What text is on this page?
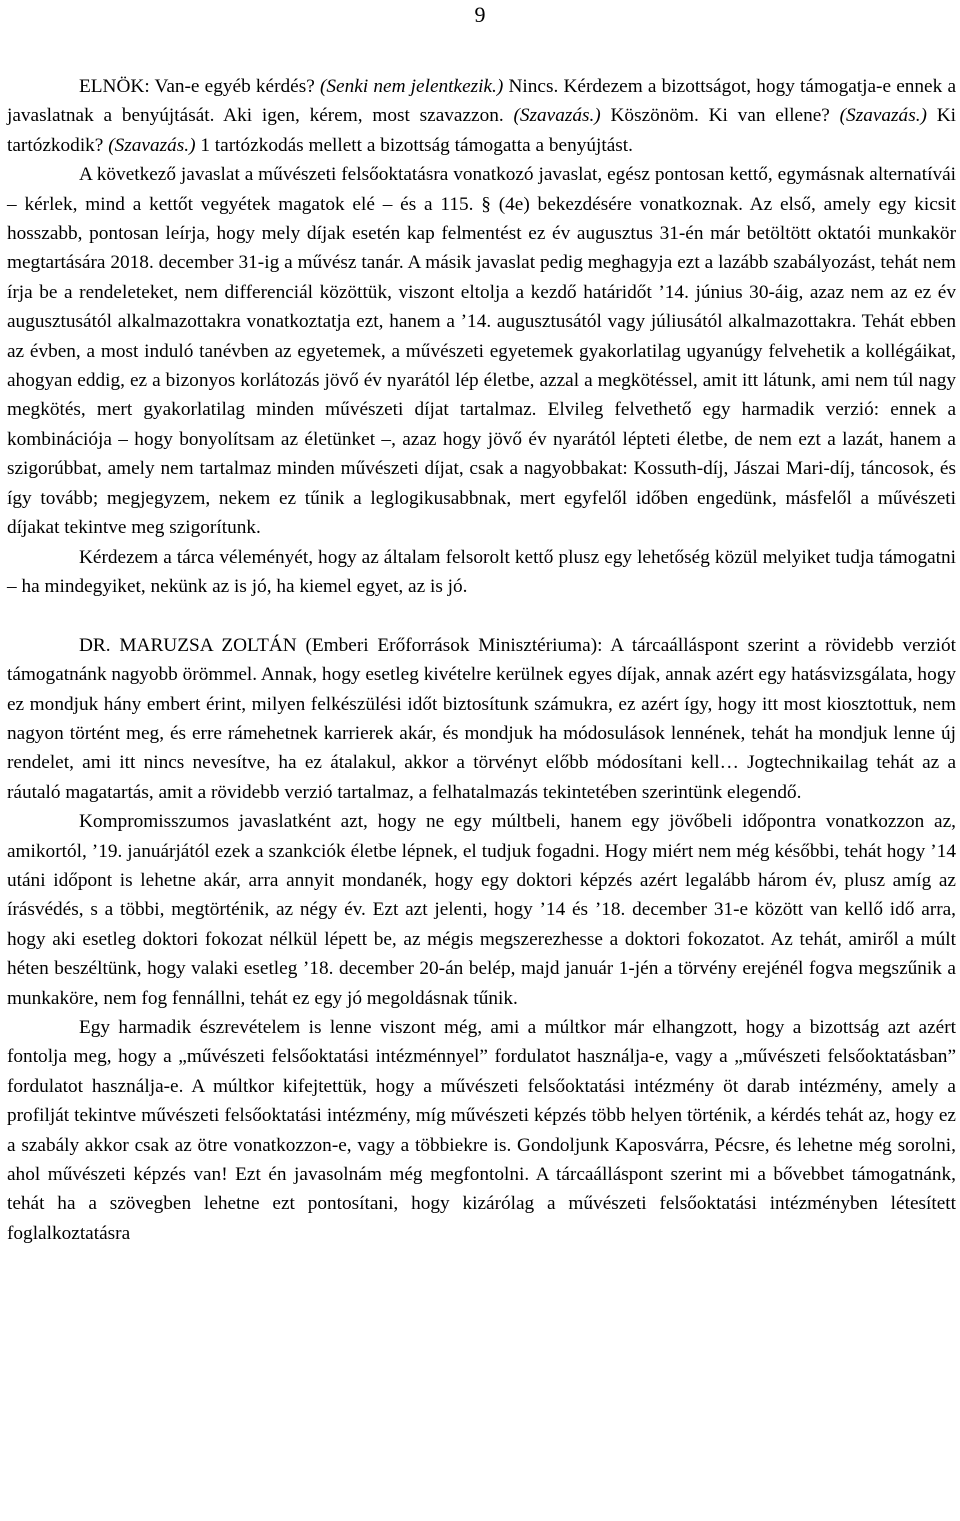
9

ELNÖK: Van-e egyéb kérdés? (Senki nem jelentkezik.) Nincs. Kérdezem a bizottságot, hogy támogatja-e ennek a javaslatnak a benyújtását. Aki igen, kérem, most szavazzon. (Szavazás.) Köszönöm. Ki van ellene? (Szavazás.) Ki tartózkodik? (Szavazás.) 1 tartózkodás mellett a bizottság támogatta a benyújtást.

A következő javaslat a művészeti felsőoktatásra vonatkozó javaslat, egész pontosan kettő, egymásnak alternatívái – kérlek, mind a kettőt vegyétek magatok elé – és a 115. § (4e) bekezdésére vonatkoznak. Az első, amely egy kicsit hosszabb, pontosan leírja, hogy mely díjak esetén kap felmentést ez év augusztus 31-én már betöltött oktatói munkakör megtartására 2018. december 31-ig a művész tanár. A másik javaslat pedig meghagyja ezt a lazább szabályozást, tehát nem írja be a rendeleteket, nem differenciál közöttük, viszont eltolja a kezdő határidőt ’14. június 30-áig, azaz nem az ez év augusztusától alkalmazottakra vonatkoztatja ezt, hanem a ’14. augusztusától vagy júliusától alkalmazottakra. Tehát ebben az évben, a most induló tanévben az egyetemek, a művészeti egyetemek gyakorlatilag ugyanúgy felvehetik a kollégáikat, ahogyan eddig, ez a bizonyos korlátozás jövő év nyarától lép életbe, azzal a megkötéssel, amit itt látunk, ami nem túl nagy megkötés, mert gyakorlatilag minden művészeti díjat tartalmaz. Elvileg felvethető egy harmadik verzió: ennek a kombinációja – hogy bonyolítsam az életünket –, azaz hogy jövő év nyarától lépteti életbe, de nem ezt a lazát, hanem a szigorúbbat, amely nem tartalmaz minden művészeti díjat, csak a nagyobbakat: Kossuth-díj, Jászai Mari-díj, táncosok, és így tovább; megjegyzem, nekem ez tűnik a leglogikusabbnak, mert egyfelől időben engedünk, másfelől a művészeti díjakat tekintve meg szigorítunk.

Kérdezem a tárca véleményét, hogy az általam felsorolt kettő plusz egy lehetőség közül melyiket tudja támogatni – ha mindegyiket, nekünk az is jó, ha kiemel egyet, az is jó.

DR. MARUZSA ZOLTÁN (Emberi Erőforrások Minisztériuma): A tárcaálláspont szerint a rövidebb verziót támogatnánk nagyobb örömmel. Annak, hogy esetleg kivételre kerülnek egyes díjak, annak azért egy hatásvizsgálata, hogy ez mondjuk hány embert érint, milyen felkészülési időt biztosítunk számukra, ez azért így, hogy itt most kiosztottuk, nem nagyon történt meg, és erre rámehetnek karrierek akár, és mondjuk ha módosulások lennének, tehát ha mondjuk lenne új rendelet, ami itt nincs nevesítve, ha ez átalakul, akkor a törvényt előbb módosítani kell… Jogtechnikailag tehát az a ráutaló magatartás, amit a rövidebb verzió tartalmaz, a felhatalmazás tekintetében szerintünk elegendő.

Kompromisszumos javaslatként azt, hogy ne egy múltbeli, hanem egy jövőbeli időpontra vonatkozzon az, amikortól, ’19. januárjától ezek a szankciók életbe lépnek, el tudjuk fogadni. Hogy miért nem még későbbi, tehát hogy ’14 utáni időpont is lehetne akár, arra annyit mondanék, hogy egy doktori képzés azért legalább három év, plusz amíg az írásvédés, s a többi, megtörténik, az négy év. Ezt azt jelenti, hogy ’14 és ’18. december 31-e között van kellő idő arra, hogy aki esetleg doktori fokozat nélkül lépett be, az mégis megszerezhesse a doktori fokozatot. Az tehát, amiről a múlt héten beszéltünk, hogy valaki esetleg ’18. december 20-án belép, majd január 1-jén a törvény erejénél fogva megszűnik a munkaköre, nem fog fennállni, tehát ez egy jó megoldásnak tűnik.

Egy harmadik észrevételem is lenne viszont még, ami a múltkor már elhangzott, hogy a bizottság azt azért fontolja meg, hogy a „művészeti felsőoktatási intézménnyel” fordulatot használja-e, vagy a „művészeti felsőoktatásban” fordulatot használja-e. A múltkor kifejtettük, hogy a művészeti felsőoktatási intézmény öt darab intézmény, amely a profilját tekintve művészeti felsőoktatási intézmény, míg művészeti képzés több helyen történik, a kérdés tehát az, hogy ez a szabály akkor csak az ötre vonatkozzon-e, vagy a többiekre is. Gondoljunk Kaposvárra, Pécsre, és lehetne még sorolni, ahol művészeti képzés van! Ezt én javasolnám még megfontolni. A tárcaálláspont szerint mi a bővebbet támogatnánk, tehát ha a szövegben lehetne ezt pontosítani, hogy kizárólag a művészeti felsőoktatási intézményben létesített foglalkoztatásra
